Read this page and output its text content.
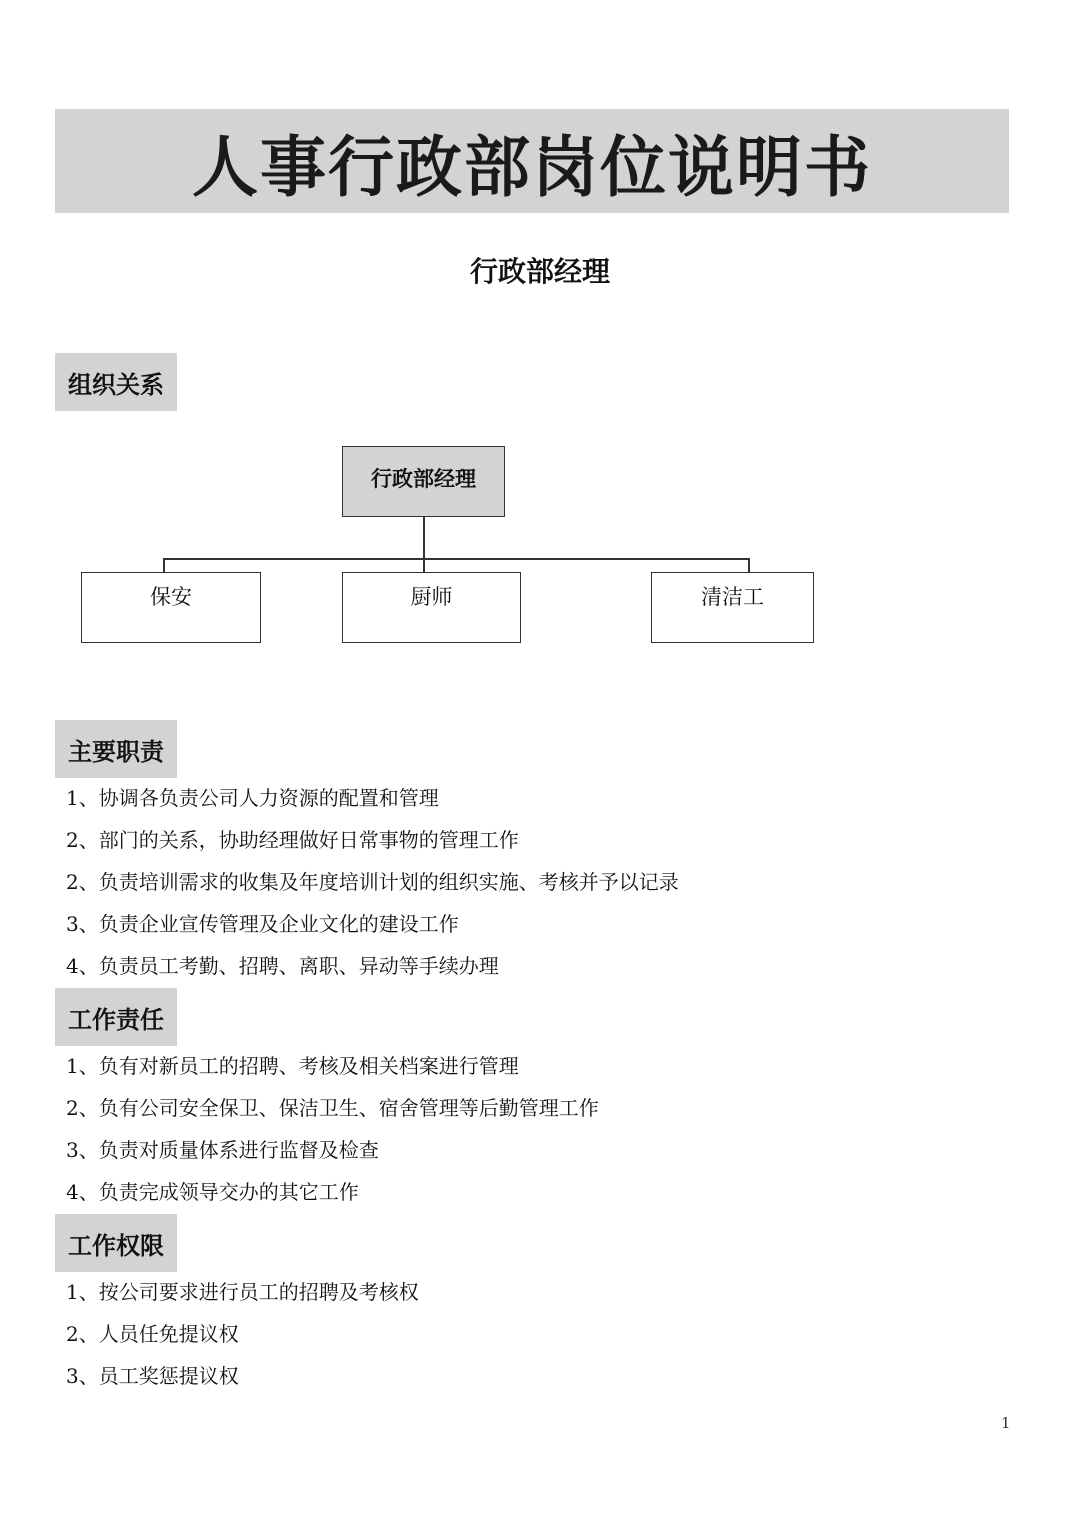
人事行政部岗位说明书
行政部经理
组织关系
行政部经理
保安	厨师	清洁工
主要职责
1、协调各负责公司人力资源的配置和管理
2、部门的关系，协助经理做好日常事物的管理工作
2、负责培训需求的收集及年度培训计划的组织实施、考核并予以记录
3、负责企业宣传管理及企业文化的建设工作
4、负责员工考勤、招聘、离职、异动等手续办理
工作责任
1、负有对新员工的招聘、考核及相关档案进行管理
2、负有公司安全保卫、保洁卫生、宿舍管理等后勤管理工作
3、负责对质量体系进行监督及检查
4、负责完成领导交办的其它工作
工作权限
1、按公司要求进行员工的招聘及考核权
2、人员任免提议权
3、员工奖惩提议权
1
